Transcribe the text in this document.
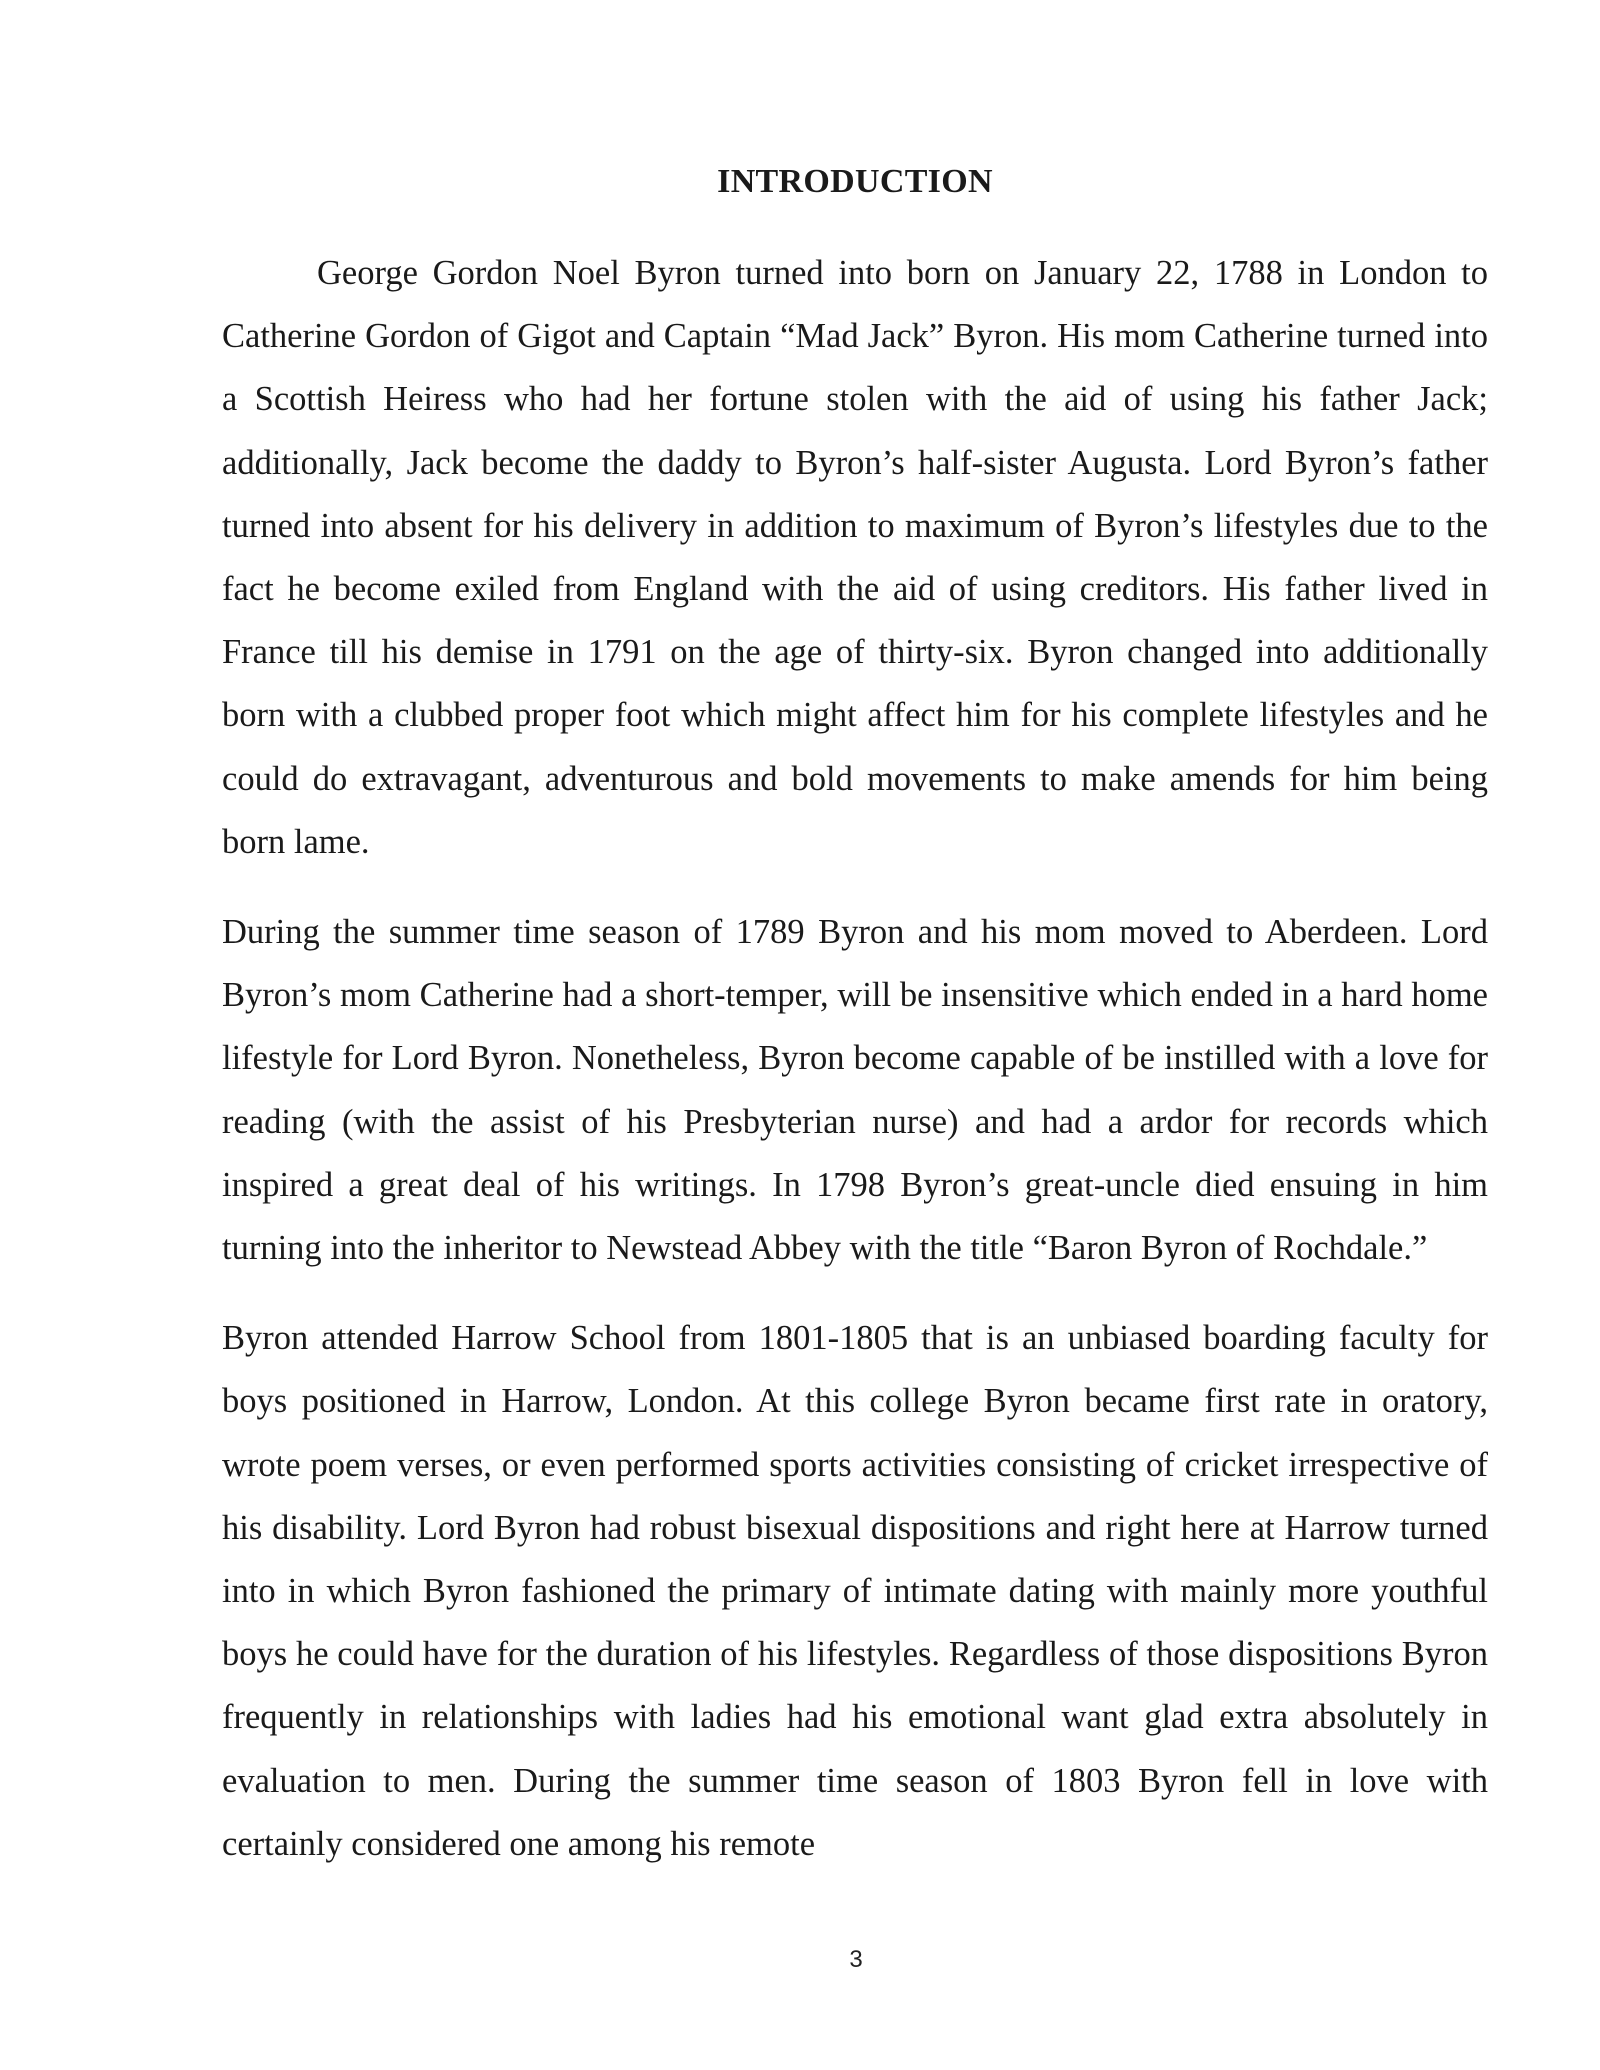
INTRODUCTION

George Gordon Noel Byron turned into born on January 22, 1788 in London to Catherine Gordon of Gigot and Captain “Mad Jack” Byron. His mom Catherine turned into a Scottish Heiress who had her fortune stolen with the aid of using his father Jack; additionally, Jack become the daddy to Byron’s half-sister Augusta. Lord Byron’s father turned into absent for his delivery in addition to maximum of Byron’s lifestyles due to the fact he become exiled from England with the aid of using creditors. His father lived in France till his demise in 1791 on the age of thirty-six. Byron changed into additionally born with a clubbed proper foot which might affect him for his complete lifestyles and he could do extravagant, adventurous and bold movements to make amends for him being born lame.

During the summer time season of 1789 Byron and his mom moved to Aberdeen. Lord Byron’s mom Catherine had a short-temper, will be insensitive which ended in a hard home lifestyle for Lord Byron. Nonetheless, Byron become capable of be instilled with a love for reading (with the assist of his Presbyterian nurse) and had a ardor for records which inspired a great deal of his writings. In 1798 Byron’s great-uncle died ensuing in him turning into the inheritor to Newstead Abbey with the title “Baron Byron of Rochdale.”

Byron attended Harrow School from 1801-1805 that is an unbiased boarding faculty for boys positioned in Harrow, London. At this college Byron became first rate in oratory, wrote poem verses, or even performed sports activities consisting of cricket irrespective of his disability. Lord Byron had robust bisexual dispositions and right here at Harrow turned into in which Byron fashioned the primary of intimate dating with mainly more youthful boys he could have for the duration of his lifestyles. Regardless of those dispositions Byron frequently in relationships with ladies had his emotional want glad extra absolutely in evaluation to men. During the summer time season of 1803 Byron fell in love with certainly considered one among his remote

3
